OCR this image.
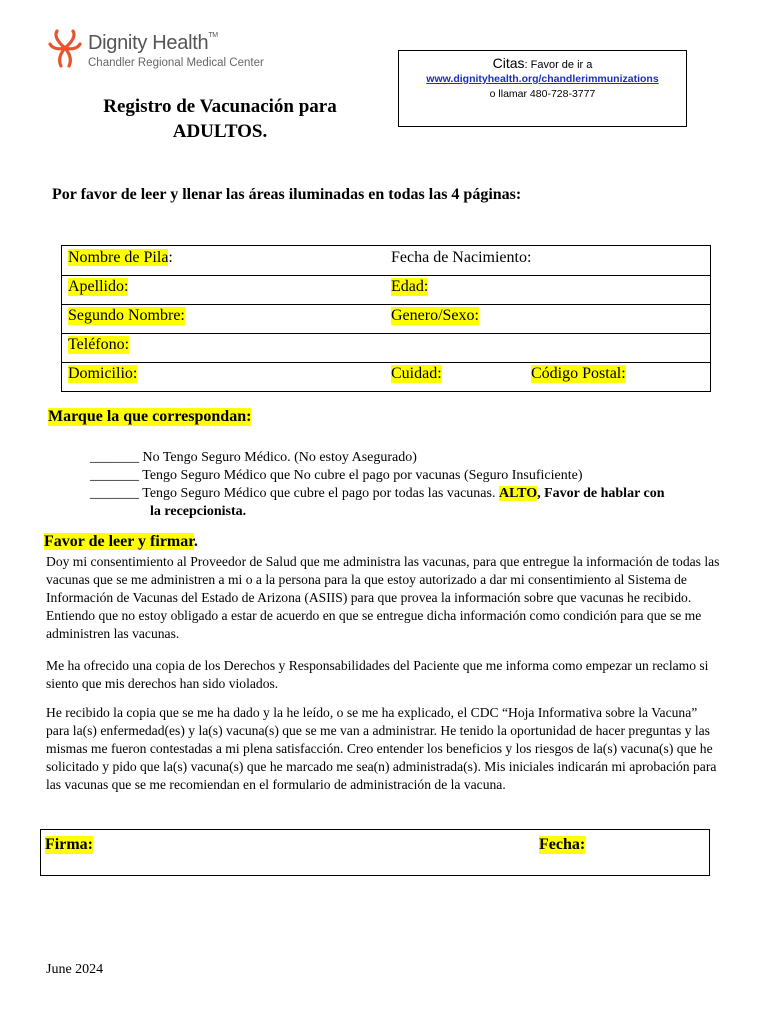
Dignity Health™
Chandler Regional Medical Center	Citas: Favor de ir a
www.dignityhealth.org/chandlerimmunizations
o llamar 480-728-3777
Registro de Vacunación para
ADULTOS.
Por favor de leer y llenar las áreas iluminadas en todas las 4 páginas:
Nombre de Pila:	Fecha de Nacimiento:
Apellido:	Edad:
Segundo Nombre:	Genero/Sexo:
Teléfono:
Domicilio:	Cuidad:	Código Postal:
Marque la que correspondan:
_______ No Tengo Seguro Médico. (No estoy Asegurado)
_______ Tengo Seguro Médico que No cubre el pago por vacunas (Seguro Insuficiente)
_______ Tengo Seguro Médico que cubre el pago por todas las vacunas. ALTO, Favor de hablar con
la recepcionista.
Favor de leer y firmar.
Doy mi consentimiento al Proveedor de Salud que me administra las vacunas, para que entregue la información de todas las vacunas que se me administren a mi o a la persona para la que estoy autorizado a dar mi consentimiento al Sistema de Información de Vacunas del Estado de Arizona (ASIIS) para que provea la información sobre que vacunas he recibido. Entiendo que no estoy obligado a estar de acuerdo en que se entregue dicha información como condición para que se me administren las vacunas.
Me ha ofrecido una copia de los Derechos y Responsabilidades del Paciente que me informa como empezar un reclamo si siento que mis derechos han sido violados.
He recibido la copia que se me ha dado y la he leído, o se me ha explicado, el CDC “Hoja Informativa sobre la Vacuna” para la(s) enfermedad(es) y la(s) vacuna(s) que se me van a administrar. He tenido la oportunidad de hacer preguntas y las mismas me fueron contestadas a mi plena satisfacción. Creo entender los beneficios y los riesgos de la(s) vacuna(s) que he solicitado y pido que la(s) vacuna(s) que he marcado me sea(n) administrada(s). Mis iniciales indicarán mi aprobación para las vacunas que se me recomiendan en el formulario de administración de la vacuna.
Firma:	Fecha:
June 2024
